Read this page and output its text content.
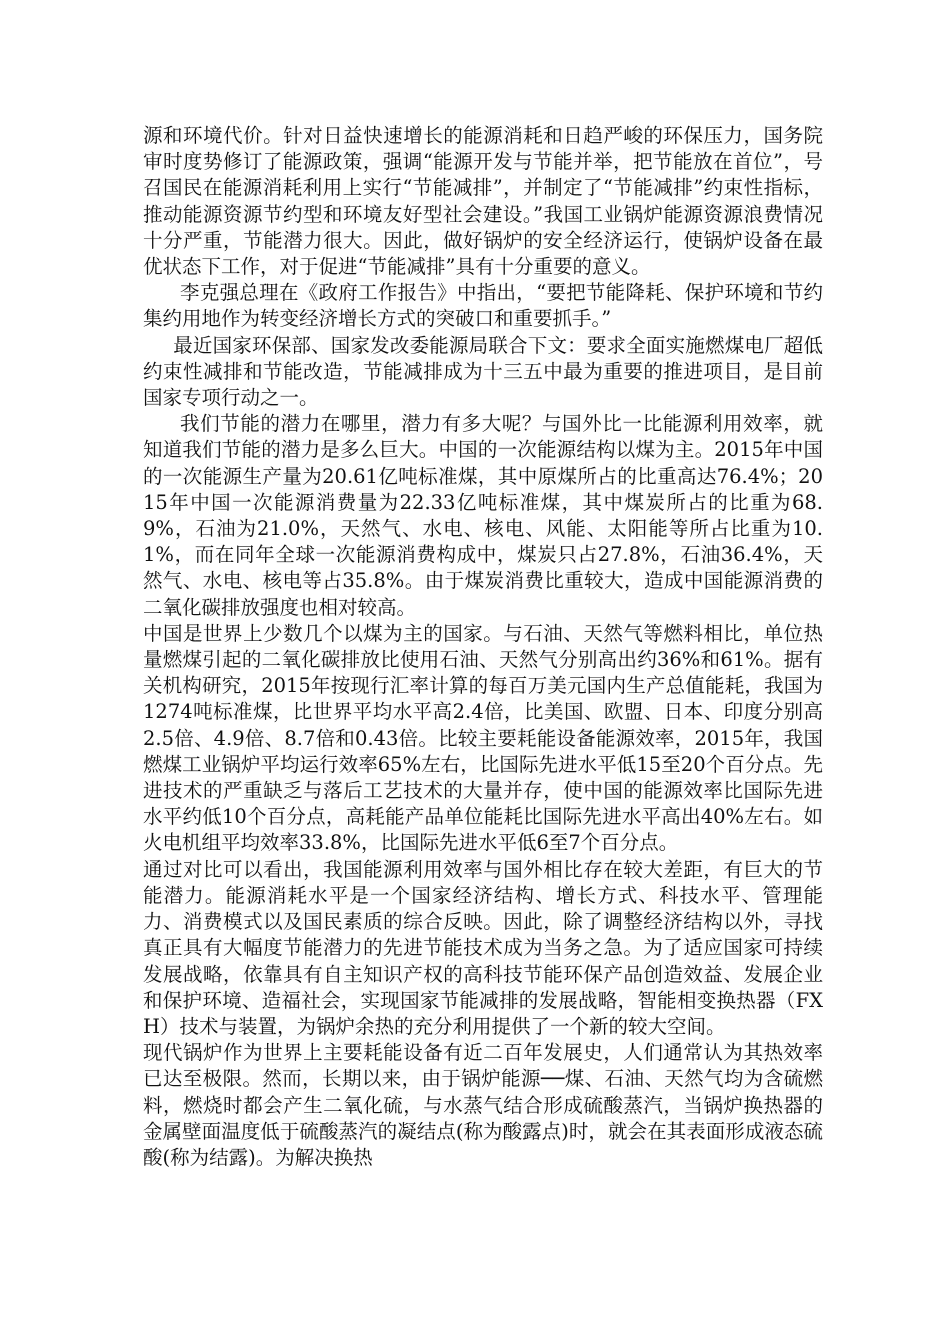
源和环境代价。针对日益快速增长的能源消耗和日趋严峻的环保压力，国务院审时度势修订了能源政策，强调“能源开发与节能并举，把节能放在首位”，号召国民在能源消耗利用上实行“节能减排”，并制定了“节能减排”约束性指标，推动能源资源节约型和环境友好型社会建设。”我国工业锅炉能源资源浪费情况十分严重，节能潜力很大。因此，做好锅炉的安全经济运行，使锅炉设备在最优状态下工作，对于促进“节能减排”具有十分重要的意义。

李克强总理在《政府工作报告》中指出，“要把节能降耗、保护环境和节约集约用地作为转变经济增长方式的突破口和重要抓手。”

最近国家环保部、国家发改委能源局联合下文：要求全面实施燃煤电厂超低约束性减排和节能改造，节能减排成为十三五中最为重要的推进项目，是目前国家专项行动之一。

我们节能的潜力在哪里，潜力有多大呢？与国外比一比能源利用效率，就知道我们节能的潜力是多么巨大。中国的一次能源结构以煤为主。2015年中国的一次能源生产量为20.61亿吨标准煤，其中原煤所占的比重高达76.4%；2015年中国一次能源消费量为22.33亿吨标准煤，其中煤炭所占的比重为68.9%，石油为21.0%，天然气、水电、核电、风能、太阳能等所占比重为10.1%，而在同年全球一次能源消费构成中，煤炭只占27.8%，石油36.4%，天然气、水电、核电等占35.8%。由于煤炭消费比重较大，造成中国能源消费的二氧化碳排放强度也相对较高。

中国是世界上少数几个以煤为主的国家。与石油、天然气等燃料相比，单位热量燃煤引起的二氧化碳排放比使用石油、天然气分别高出约36%和61%。据有关机构研究，2015年按现行汇率计算的每百万美元国内生产总值能耗，我国为1274吨标准煤，比世界平均水平高2.4倍，比美国、欧盟、日本、印度分别高2.5倍、4.9倍、8.7倍和0.43倍。比较主要耗能设备能源效率，2015年，我国燃煤工业锅炉平均运行效率65%左右，比国际先进水平低15至20个百分点。先进技术的严重缺乏与落后工艺技术的大量并存，使中国的能源效率比国际先进水平约低10个百分点，高耗能产品单位能耗比国际先进水平高出40%左右。如火电机组平均效率33.8%，比国际先进水平低6至7个百分点。

通过对比可以看出，我国能源利用效率与国外相比存在较大差距，有巨大的节能潜力。能源消耗水平是一个国家经济结构、增长方式、科技水平、管理能力、消费模式以及国民素质的综合反映。因此，除了调整经济结构以外，寻找真正具有大幅度节能潜力的先进节能技术成为当务之急。为了适应国家可持续发展战略，依靠具有自主知识产权的高科技节能环保产品创造效益、发展企业和保护环境、造福社会，实现国家节能减排的发展战略，智能相变换热器（FXH）技术与装置，为锅炉余热的充分利用提供了一个新的较大空间。

现代锅炉作为世界上主要耗能设备有近二百年发展史，人们通常认为其热效率已达至极限。然而，长期以来，由于锅炉能源──煤、石油、天然气均为含硫燃料，燃烧时都会产生二氧化硫，与水蒸气结合形成硫酸蒸汽，当锅炉换热器的金属壁面温度低于硫酸蒸汽的凝结点(称为酸露点)时，就会在其表面形成液态硫酸(称为结露)。为解决换热
